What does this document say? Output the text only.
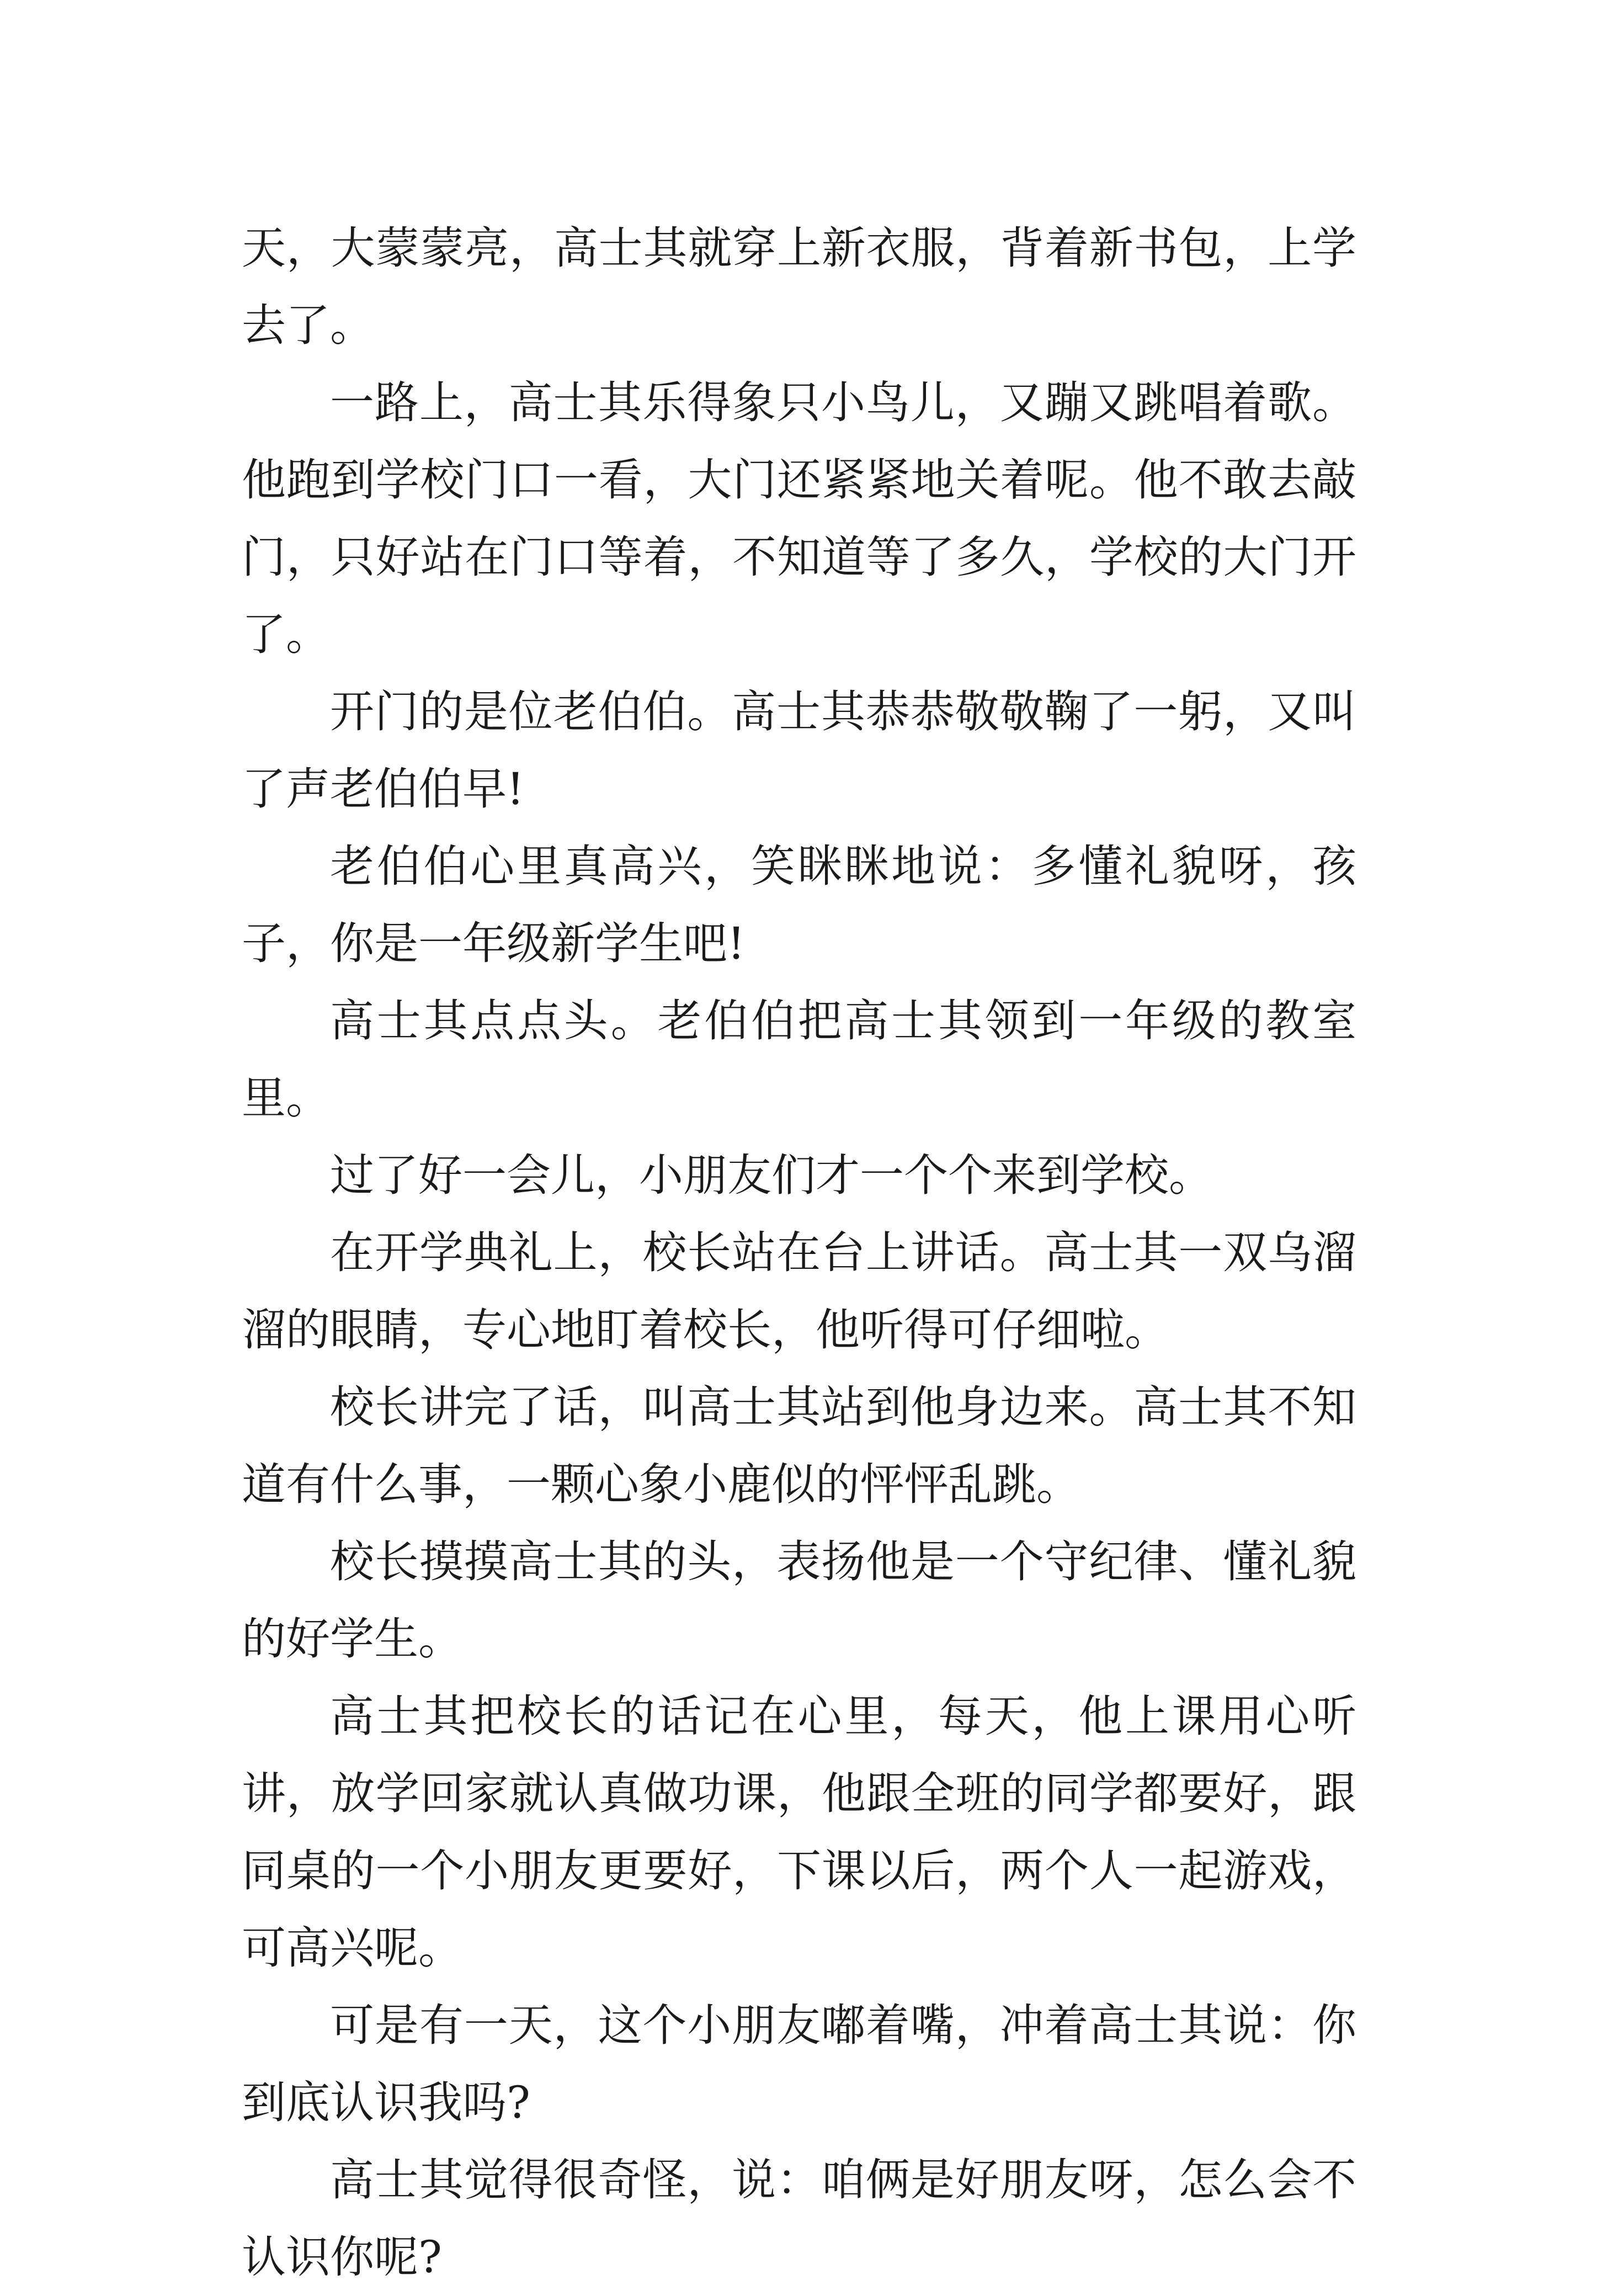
天，大蒙蒙亮，高士其就穿上新衣服，背着新书包，上学去了。

一路上，高士其乐得象只小鸟儿，又蹦又跳唱着歌。他跑到学校门口一看，大门还紧紧地关着呢。他不敢去敲门，只好站在门口等着，不知道等了多久，学校的大门开了。

开门的是位老伯伯。高士其恭恭敬敬鞠了一躬，又叫了声老伯伯早!

老伯伯心里真高兴，笑眯眯地说：多懂礼貌呀，孩子，你是一年级新学生吧!

高士其点点头。老伯伯把高士其领到一年级的教室里。

过了好一会儿，小朋友们才一个个来到学校。

在开学典礼上，校长站在台上讲话。高士其一双乌溜溜的眼睛，专心地盯着校长，他听得可仔细啦。

校长讲完了话，叫高士其站到他身边来。高士其不知道有什么事，一颗心象小鹿似的怦怦乱跳。

校长摸摸高士其的头，表扬他是一个守纪律、懂礼貌的好学生。

高士其把校长的话记在心里，每天，他上课用心听讲，放学回家就认真做功课，他跟全班的同学都要好，跟同桌的一个小朋友更要好，下课以后，两个人一起游戏，可高兴呢。

可是有一天，这个小朋友嘟着嘴，冲着高士其说：你到底认识我吗?

高士其觉得很奇怪，说：咱俩是好朋友呀，怎么会不认识你呢?
